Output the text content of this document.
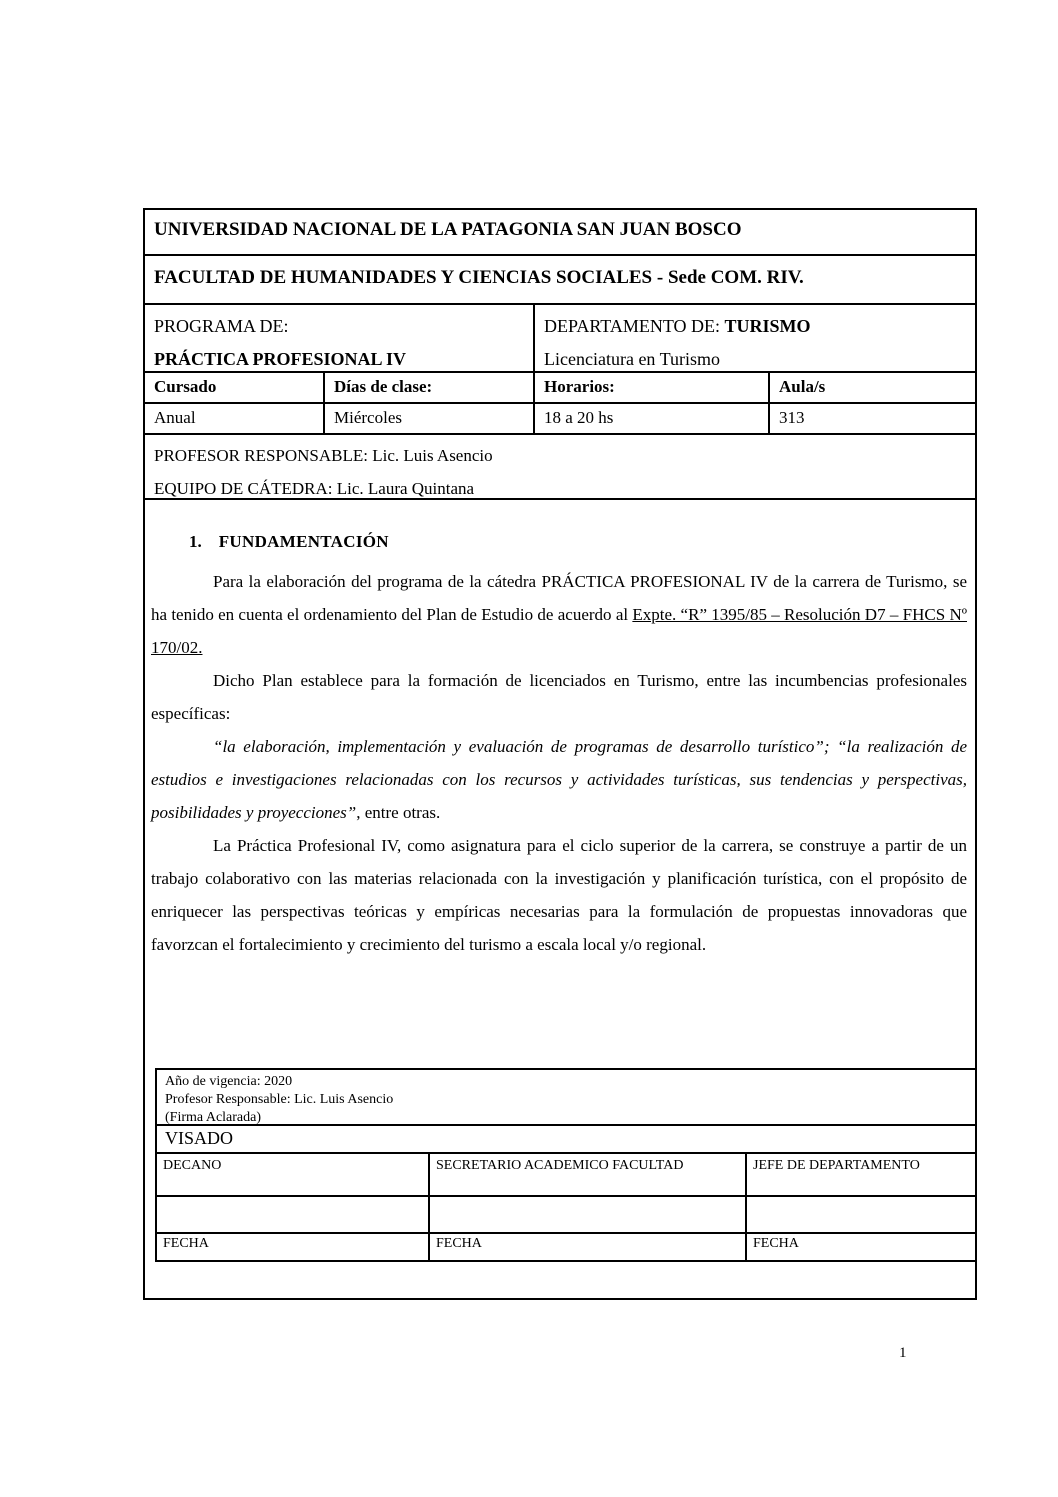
UNIVERSIDAD NACIONAL DE LA PATAGONIA SAN JUAN BOSCO
FACULTAD DE HUMANIDADES Y CIENCIAS SOCIALES - Sede COM. RIV.
PROGRAMA DE:
PRÁCTICA PROFESIONAL IV
DEPARTAMENTO DE: TURISMO
Licenciatura en Turismo
Cursado	Días de clase:	Horarios:	Aula/s
Anual	Miércoles	18 a 20 hs	313
PROFESOR RESPONSABLE: Lic. Luis Asencio
EQUIPO DE CÁTEDRA: Lic. Laura Quintana
1. FUNDAMENTACIÓN

Para la elaboración del programa de la cátedra PRÁCTICA PROFESIONAL IV de la carrera de Turismo, se ha tenido en cuenta el ordenamiento del Plan de Estudio de acuerdo al Expte. “R” 1395/85 – Resolución D7 – FHCS Nº 170/02.

Dicho Plan establece para la formación de licenciados en Turismo, entre las incumbencias profesionales específicas:

“la elaboración, implementación y evaluación de programas de desarrollo turístico”; “la realización de estudios e investigaciones relacionadas con los recursos y actividades turísticas, sus tendencias y perspectivas, posibilidades y proyecciones”, entre otras.

La Práctica Profesional IV, como asignatura para el ciclo superior de la carrera, se construye a partir de un trabajo colaborativo con las materias relacionada con la investigación y planificación turística, con el propósito de enriquecer las perspectivas teóricas y empíricas necesarias para la formulación de propuestas innovadoras que favorzcan el fortalecimiento y crecimiento del turismo a escala local y/o regional.

Año de vigencia: 2020
Profesor Responsable: Lic. Luis Asencio
(Firma Aclarada)
VISADO
DECANO	SECRETARIO ACADEMICO FACULTAD	JEFE DE DEPARTAMENTO
FECHA	FECHA	FECHA
1
